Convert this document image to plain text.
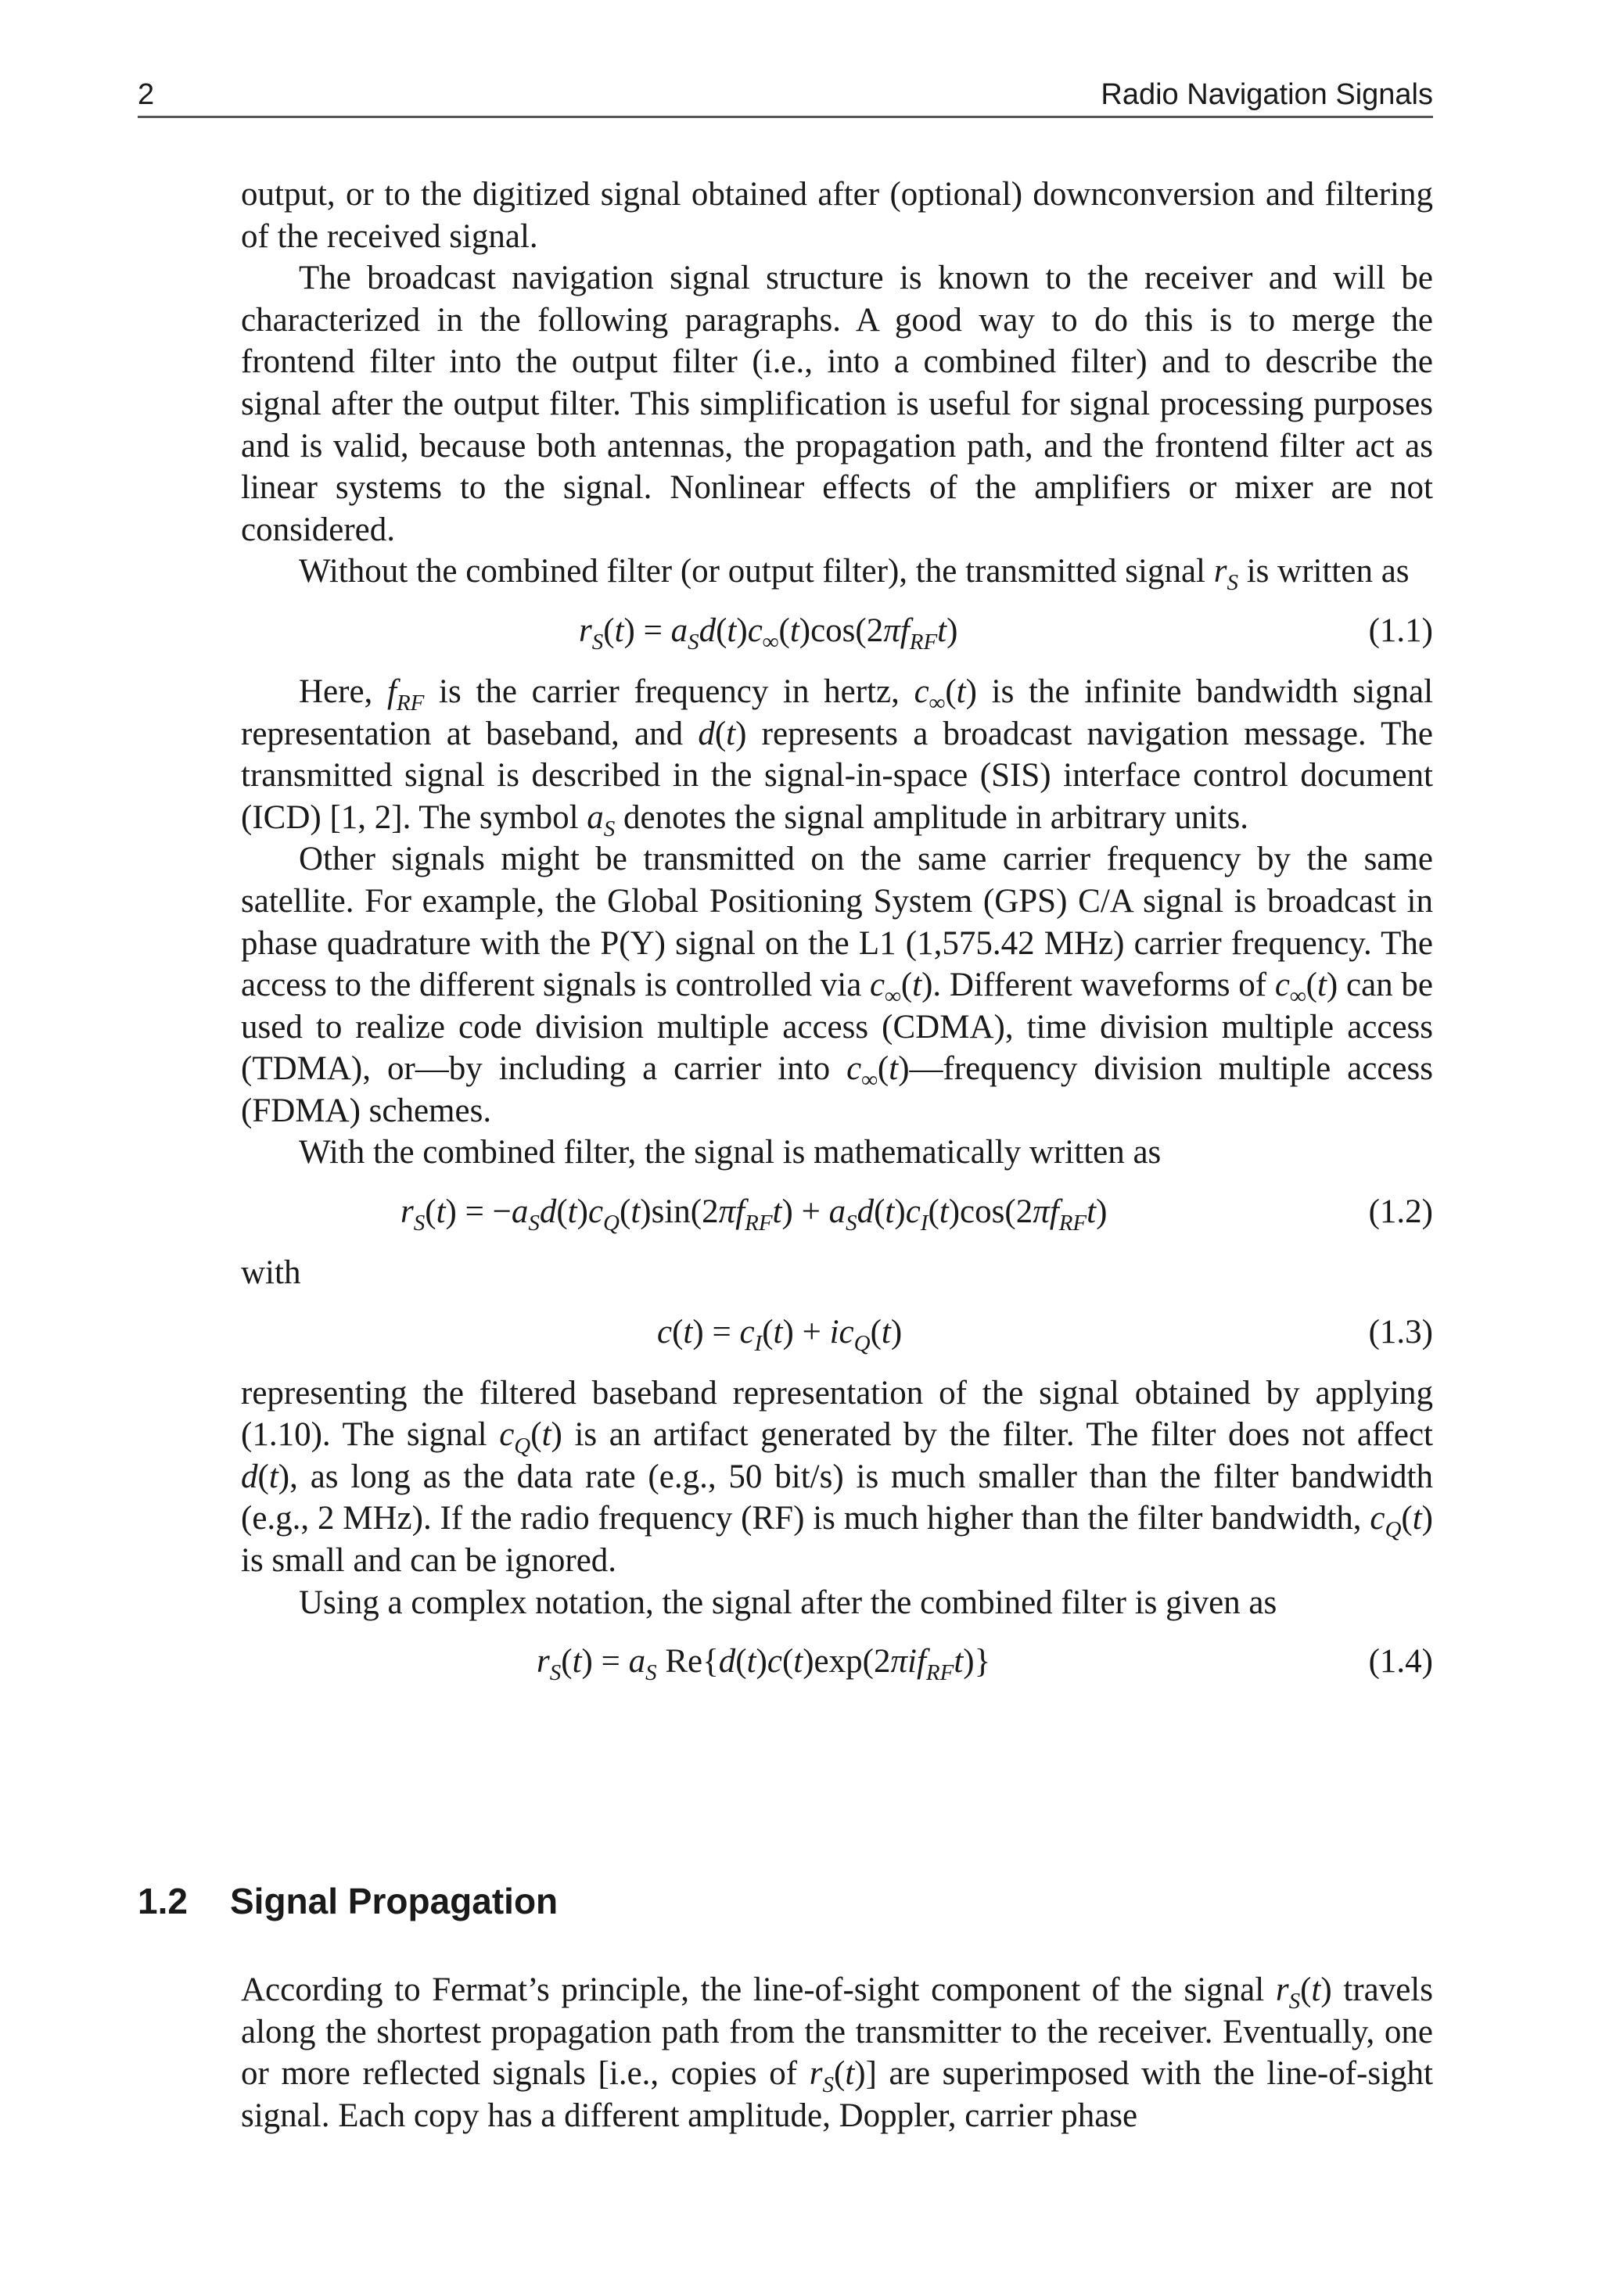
2	Radio Navigation Signals

output, or to the digitized signal obtained after (optional) downconversion and filtering of the received signal.

The broadcast navigation signal structure is known to the receiver and will be characterized in the following paragraphs. A good way to do this is to merge the frontend filter into the output filter (i.e., into a combined filter) and to describe the signal after the output filter. This simplification is useful for signal processing purposes and is valid, because both antennas, the propagation path, and the frontend filter act as linear systems to the signal. Nonlinear effects of the amplifiers or mixer are not considered.

Without the combined filter (or output filter), the transmitted signal $r_S$ is written as

$r_S(t) = a_Sd(t)c_\infty(t)\cos(2\pi f_{RF}t)$	(1.1)

Here, $f_{RF}$ is the carrier frequency in hertz, $c_\infty(t)$ is the infinite bandwidth signal representation at baseband, and d(t) represents a broadcast navigation message. The transmitted signal is described in the signal-in-space (SIS) interface control document (ICD) [1, 2]. The symbol $a_S$ denotes the signal amplitude in arbitrary units.

Other signals might be transmitted on the same carrier frequency by the same satellite. For example, the Global Positioning System (GPS) C/A signal is broadcast in phase quadrature with the P(Y) signal on the L1 (1,575.42 MHz) carrier frequency. The access to the different signals is controlled via $c_\infty(t)$. Different waveforms of $c_\infty(t)$ can be used to realize code division multiple access (CDMA), time division multiple access (TDMA), or—by including a carrier into $c_\infty(t)—frequency$ division multiple access (FDMA) schemes.

With the combined filter, the signal is mathematically written as

$r_S(t) = -a_Sd(t)c_Q(t)\sin(2\pi f_{RF}t) + a_Sd(t)c_I(t)\cos(2\pi f_{RF}t)$	(1.2)

with

$c(t) = c_I(t) + ic_Q(t)$	(1.3)

representing the filtered baseband representation of the signal obtained by applying (1.10). The signal $c_Q(t)$ is an artifact generated by the filter. The filter does not affect d(t), as long as the data rate (e.g., 50 bit/s) is much smaller than the filter bandwidth (e.g., 2 MHz). If the radio frequency (RF) is much higher than the filter bandwidth, $c_Q(t)$ is small and can be ignored.

Using a complex notation, the signal after the combined filter is given as

$r_S(t) = a_S$ Re{d(t)c(t)exp(2πif$_{RF}$t)}	(1.4)
1.2 Signal Propagation

According to Fermat’s principle, the line-of-sight component of the signal $r_S(t)$ travels along the shortest propagation path from the transmitter to the receiver. Eventually, one or more reflected signals [i.e., copies of $r_S(t)$] are superimposed with the line-of-sight signal. Each copy has a different amplitude, Doppler, carrier phase
